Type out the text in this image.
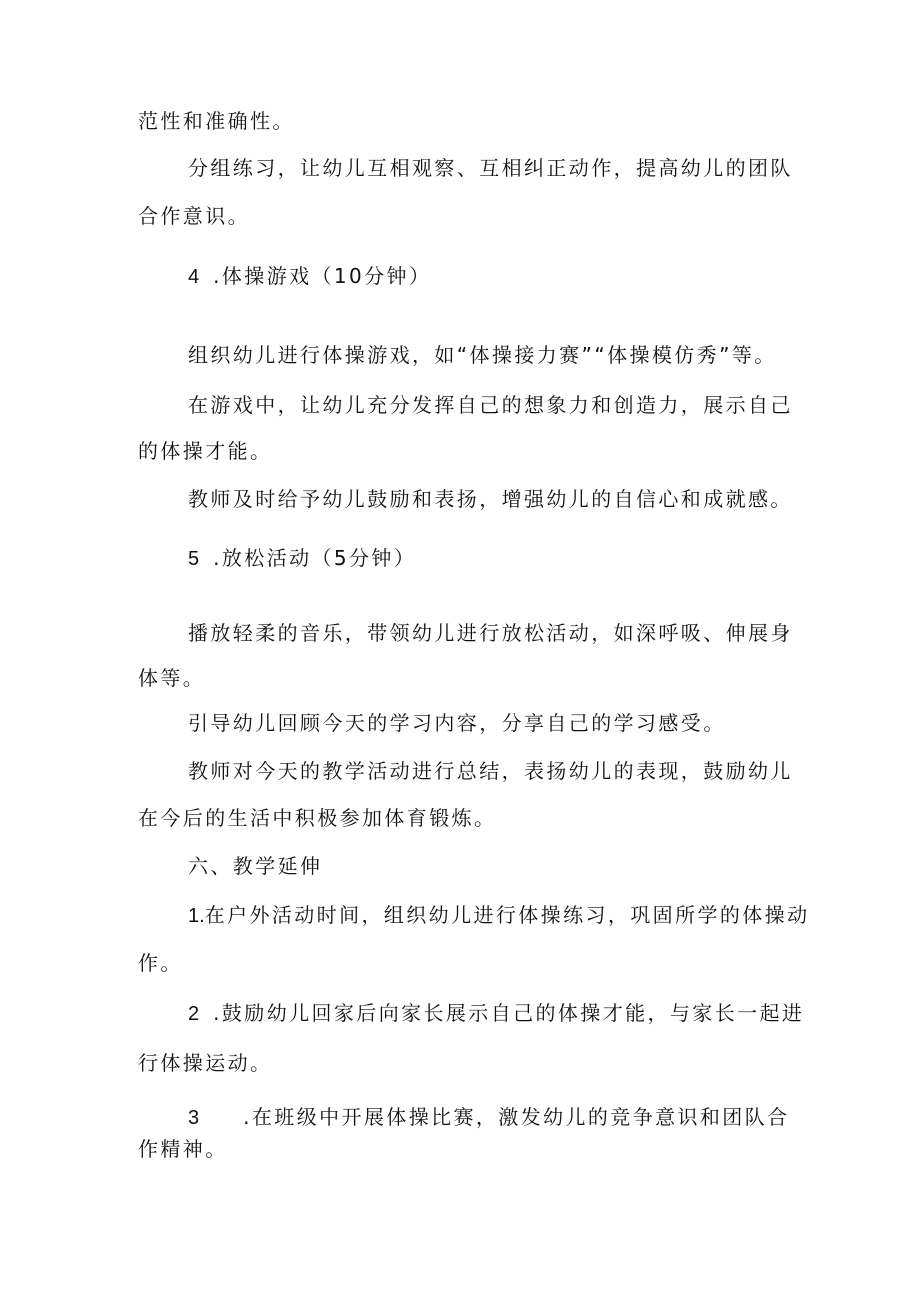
范性和准确性。

分组练习，让幼儿互相观察、互相纠正动作，提高幼儿的团队

合作意识。

4 .体操游戏（10分钟）

组织幼儿进行体操游戏，如“体操接力赛”“体操模仿秀”等。

在游戏中，让幼儿充分发挥自己的想象力和创造力，展示自己

的体操才能。

教师及时给予幼儿鼓励和表扬，增强幼儿的自信心和成就感。

5 .放松活动（5分钟）

播放轻柔的音乐，带领幼儿进行放松活动，如深呼吸、伸展身

体等。

引导幼儿回顾今天的学习内容，分享自己的学习感受。

教师对今天的教学活动进行总结，表扬幼儿的表现，鼓励幼儿

在今后的生活中积极参加体育锻炼。

六、教学延伸

1.在户外活动时间，组织幼儿进行体操练习，巩固所学的体操动

作。

2 .鼓励幼儿回家后向家长展示自己的体操才能，与家长一起进

行体操运动。

3 .在班级中开展体操比赛，激发幼儿的竞争意识和团队合

作精神。
